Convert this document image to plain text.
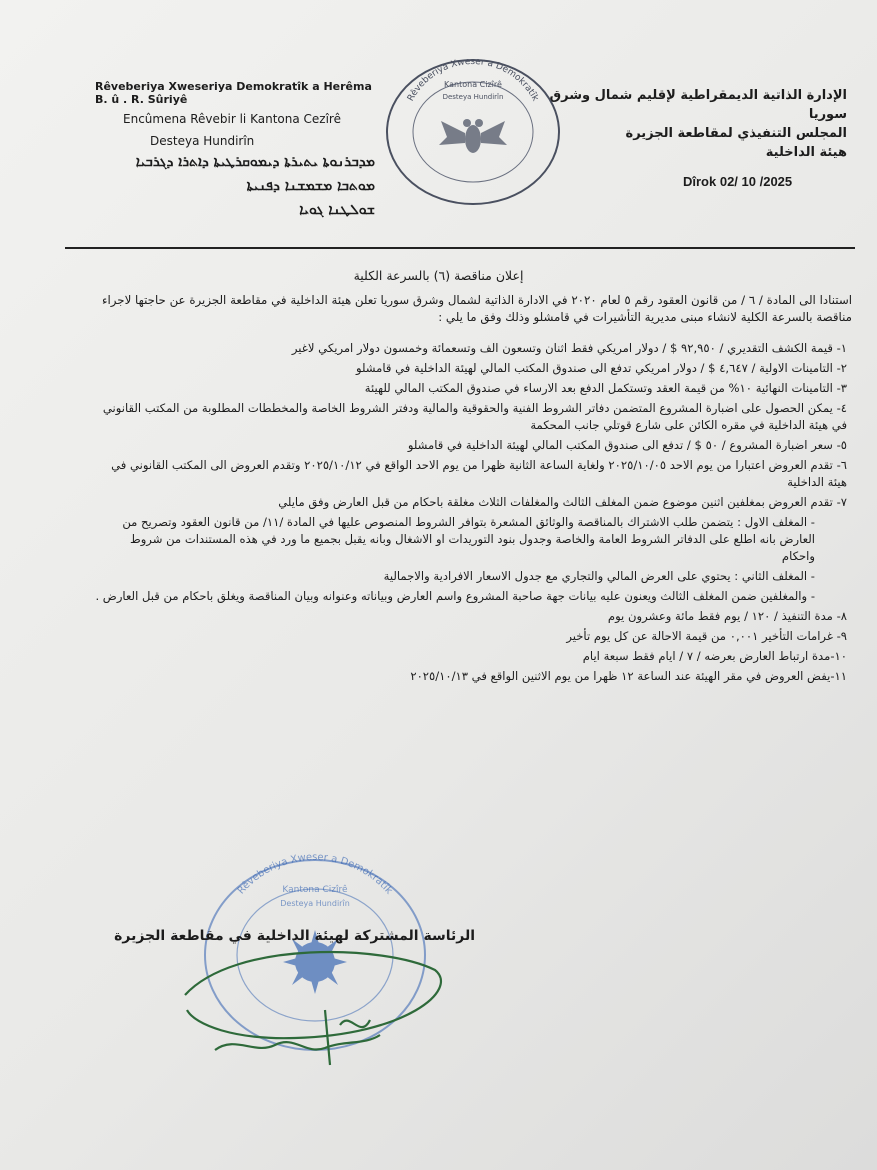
Rêveberiya Xweseriya Demokratîk a Herêma B. û . R. Sûriyê

Encûmena Rêvebir li Kantona Cezîrê

Desteya Hundirîn

ܡܕܒܪܢܘܬܐ ܝܬܝܪܬܐ ܕܝܡܘܩܪܛܝܬܐ ܕܐܬܪܐ ܕܓܪܒܝܐ
ܡܘܬܒܐ ܡܫܡܫܢܐ ܕܦܢܝܬܐ
ܫܘܠܛܢܐ ܓܘܝܐ
الإدارة الذاتية الديمقراطية لإقليم شمال وشرق سوريا
المجلس التنفيذي لمقاطعة الجزيرة
هيئة الداخلية
Dîrok 02/ 10 /2025
Rêveberiya Xweser a Demokratîk
Kantona Cizîrê
Desteya Hundirîn
إعلان مناقصة (٦) بالسرعة الكلية
استنادا الى المادة / ٦ / من قانون العقود رقم ٥ لعام ٢٠٢٠ في الادارة الذاتية لشمال وشرق سوريا تعلن هيئة الداخلية في مقاطعة الجزيرة عن حاجتها لاجراء مناقصة بالسرعة الكلية لانشاء مبنى مديرية التأشيرات في قامشلو وذلك وفق ما يلي :
١- قيمة الكشف التقديري / ٩٢,٩٥٠ $ / دولار امريكي فقط اثنان وتسعون الف وتسعمائة وخمسون دولار امريكي لاغير
٢- التامينات الاولية / ٤,٦٤٧ $ / دولار امريكي تدفع الى صندوق المكتب المالي لهيئة الداخلية في قامشلو
٣- التامينات النهائية ١٠% من قيمة العقد وتستكمل الدفع بعد الارساء في صندوق المكتب المالي للهيئة
٤- يمكن الحصول على اضبارة المشروع المتضمن دفاتر الشروط الفنية والحقوقية والمالية ودفتر الشروط الخاصة والمخططات المطلوبة من المكتب القانوني في هيئة الداخلية في مقره الكائن على شارع قوتلي جانب المحكمة
٥- سعر اضبارة المشروع / ٥٠ $ / تدفع الى صندوق المكتب المالي لهيئة الداخلية في قامشلو
٦- تقدم العروض اعتبارا من يوم الاحد ٢٠٢٥/١٠/٠٥ ولغاية الساعة الثانية ظهرا من يوم الاحد الواقع في ٢٠٢٥/١٠/١٢ وتقدم العروض الى المكتب القانوني في هيئة الداخلية
٧- تقدم العروض بمغلفين اثنين موضوع ضمن المغلف الثالث والمغلفات الثلاث مغلقة باحكام من قبل العارض وفق مايلي
- المغلف الاول : يتضمن طلب الاشتراك بالمناقصة والوثائق المشعرة بتوافر الشروط المنصوص عليها في المادة /١١/ من قانون العقود وتصريح من العارض بانه اطلع على الدفاتر الشروط العامة والخاصة وجدول بنود التوريدات او الاشغال وبانه يقبل بجميع ما ورد في هذه المستندات من شروط واحكام
- المغلف الثاني : يحتوي على العرض المالي والتجاري مع جدول الاسعار الافرادية والاجمالية
- والمغلفين ضمن المغلف الثالث ويعنون عليه بيانات جهة صاحبة المشروع واسم العارض وبياناته وعنوانه وبيان المناقصة ويغلق باحكام من قبل العارض .
٨- مدة التنفيذ / ١٢٠ / يوم فقط مائة وعشرون يوم
٩- غرامات التأخير ٠,٠٠١ من قيمة الاحالة عن كل يوم تأخير
١٠-مدة ارتباط العارض بعرضه / ٧ / ايام فقط سبعة ايام
١١-يفض العروض في مقر الهيئة عند الساعة ١٢ ظهرا من يوم الاثنين الواقع في ٢٠٢٥/١٠/١٣
Rêveberiya Xweser a Demokratîk
Kantona Cizîrê
Desteya Hundirîn
الرئاسة المشتركة لهيئة الداخلية في مقاطعة الجزيرة
